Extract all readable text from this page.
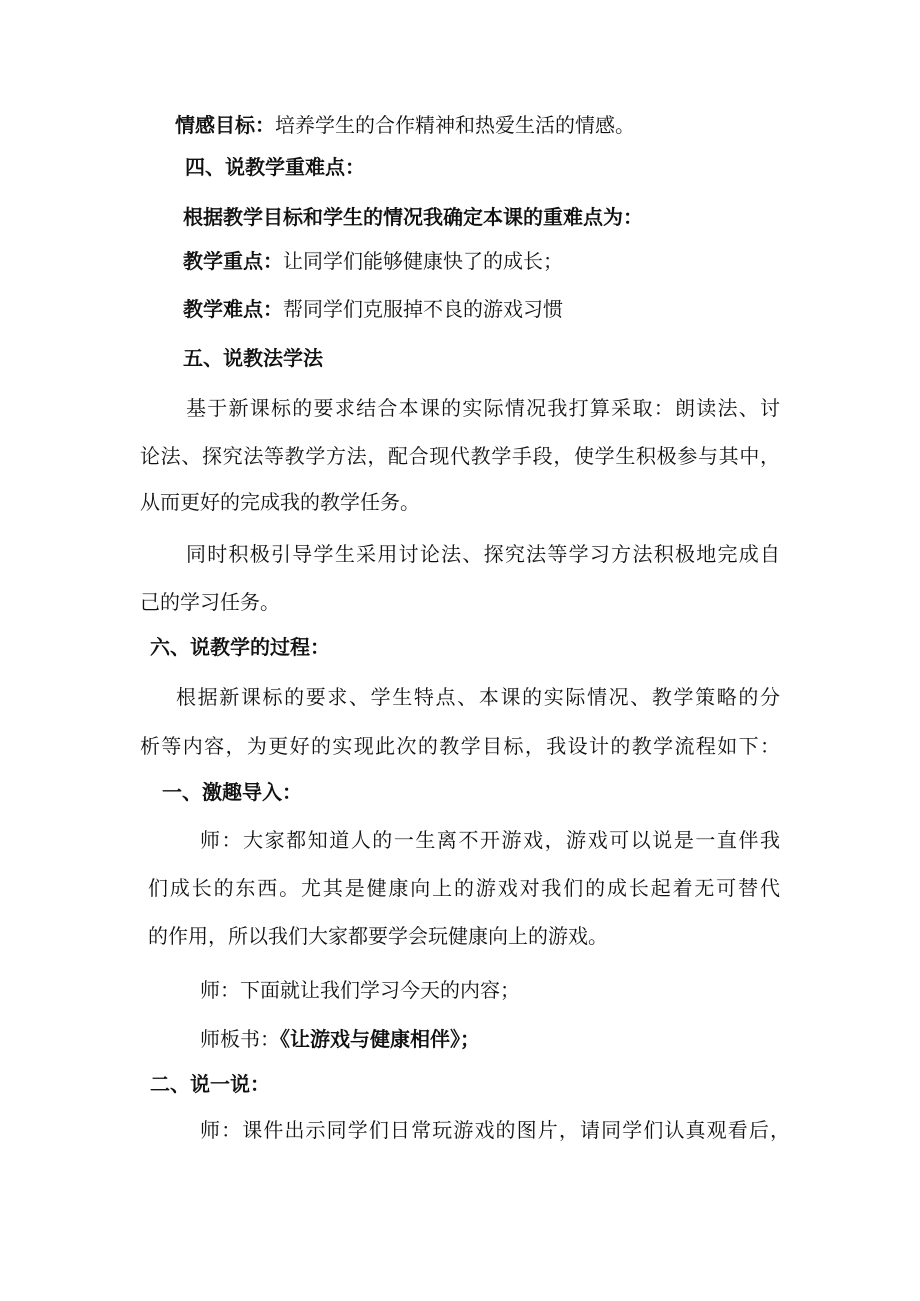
情感目标：培养学生的合作精神和热爱生活的情感。
四、说教学重难点：
根据教学目标和学生的情况我确定本课的重难点为：
教学重点：让同学们能够健康快了的成长；
教学难点：帮同学们克服掉不良的游戏习惯
五、说教法学法
基于新课标的要求结合本课的实际情况我打算采取：朗读法、讨
论法、探究法等教学方法，配合现代教学手段，使学生积极参与其中，
从而更好的完成我的教学任务。
同时积极引导学生采用讨论法、探究法等学习方法积极地完成自
己的学习任务。
六、说教学的过程：
根据新课标的要求、学生特点、本课的实际情况、教学策略的分
析等内容，为更好的实现此次的教学目标，我设计的教学流程如下：
一、激趣导入：
师：大家都知道人的一生离不开游戏，游戏可以说是一直伴我
们成长的东西。尤其是健康向上的游戏对我们的成长起着无可替代
的作用，所以我们大家都要学会玩健康向上的游戏。
师：下面就让我们学习今天的内容；
师板书：《让游戏与健康相伴》；
二、说一说：
师：课件出示同学们日常玩游戏的图片，请同学们认真观看后，
